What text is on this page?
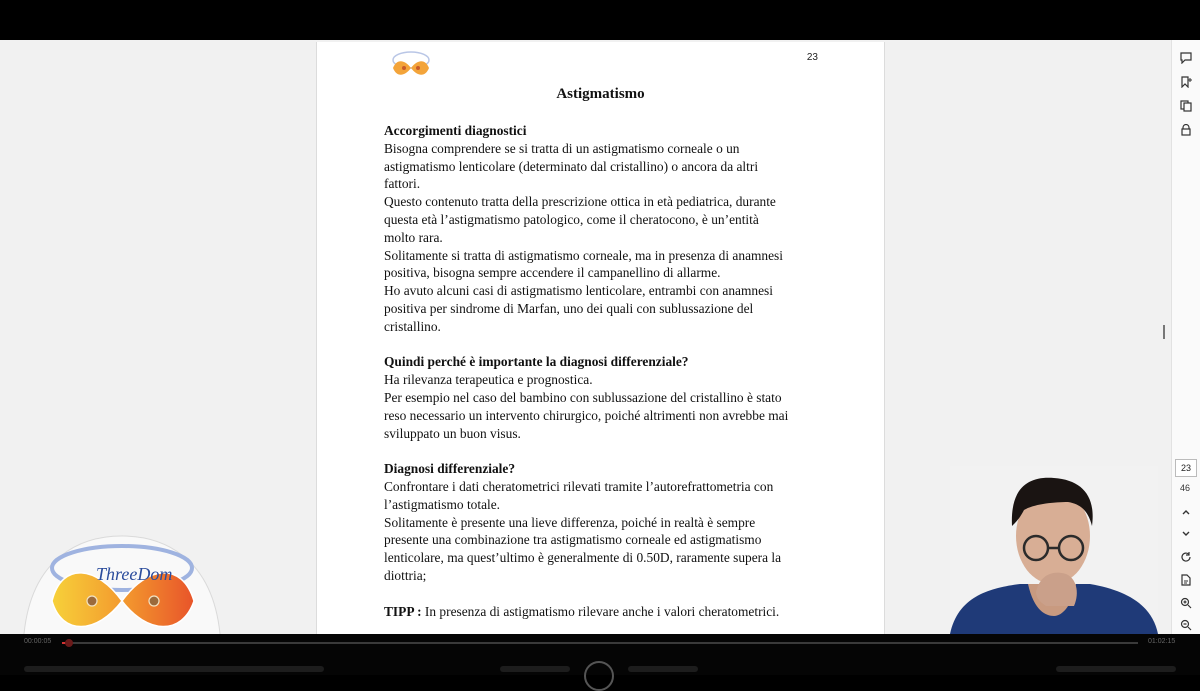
23
Astigmatismo

Accorgimenti diagnostici

Bisogna comprendere se si tratta di un astigmatismo corneale o un

astigmatismo lenticolare (determinato dal cristallino) o ancora da altri

fattori.

Questo contenuto tratta della prescrizione ottica in età pediatrica, durante

questa età l’astigmatismo patologico, come il cheratocono, è un’entità

molto rara.

Solitamente si tratta di astigmatismo corneale, ma in presenza di anamnesi

positiva, bisogna sempre accendere il campanellino di allarme.

Ho avuto alcuni casi di astigmatismo lenticolare, entrambi con anamnesi

positiva per sindrome di Marfan, uno dei quali con sublussazione del

cristallino.

Quindi perché è importante la diagnosi differenziale?

Ha rilevanza terapeutica e prognostica.

Per esempio nel caso del bambino con sublussazione del cristallino è stato

reso necessario un intervento chirurgico, poiché altrimenti non avrebbe mai

sviluppato un buon visus.

Diagnosi differenziale?

Confrontare i dati cheratometrici rilevati tramite l’autorefrattometria con

l’astigmatismo totale.

Solitamente è presente una lieve differenza, poiché in realtà è sempre

presente una combinazione tra astigmatismo corneale ed astigmatismo

lenticolare, ma quest’ultimo è generalmente di 0.50D, raramente supera la

diottria;

TIPP : In presenza di astigmatismo rilevare anche i valori cheratometrici.

23
46
ThreeDom
00:00:05	01:02:15
